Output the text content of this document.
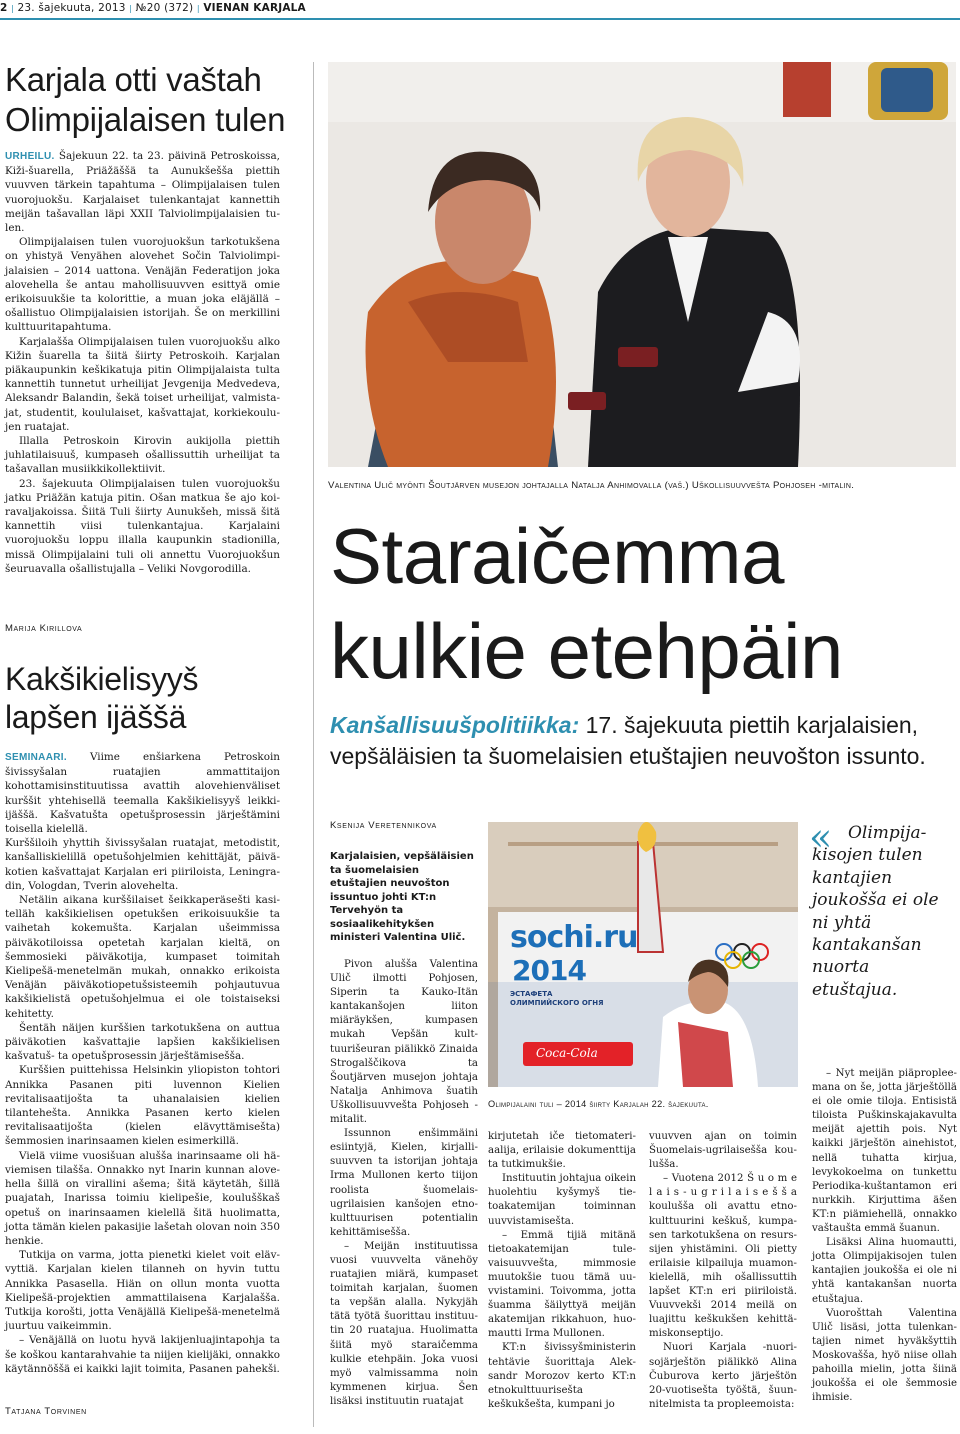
2 | 23. šajekuuta, 2013 | №20 (372) | VIENAN KARJALA
Karjala otti vaštah Olimpijalaisen tulen

URHEILU. Šajekuun 22. ta 23. päivinä Petroskoissa, Kiži-šuarella, Priäžäššä ta Aunukšešša piettih vuuvven tärkein tapahtuma – Olimpijalaisen tulen vuorojuokšu. Karjalaiset tulenkantajat kannettih meijän tašavallan läpi XXII Talviolimpijalaisien tulen.

Olimpijalaisen tulen vuorojuokšun tarkotukšena on yhistyä Venyähen alovehet Sočin Talviolimpijalaisien – 2014 uattona. Venäjän Federatijon joka alovehella še antau mahollisuuvven esittyä omie erikoisuukšie ta kolorittie, a muan joka eläjällä – ošallistuo Olimpijalaisien istorijah. Še on merkillini kulttuuritapahtuma.

Karjalašša Olimpijalaisen tulen vuorojuokšu alko Kižin šuarella ta šiitä šiirty Petroskoih. Karjalan piäkaupunkin keškikatuja pitin Olimpijalaista tulta kannettih tunnetut urheilijat Jevgenija Medvedeva, Aleksandr Balandin, šekä toiset urheilijat, valmistajat, studentit, koululaiset, kašvattajat, korkiekoulujen ruatajat.

Illalla Petroskoin Kirovin aukijolla piettih juhlatilaisuuš, kumpaseh ošallissuttih urheilijat ta tašavallan musiikkikollektiivit.

23. šajekuuta Olimpijalaisen tulen vuorojuokšu jatku Priäžän katuja pitin. Ošan matkua še ajo koiravaljakoissa. Šiitä Tuli šiirty Aunukšeh, missä šitä kannettih viisi tulenkantajua. Karjalaini vuorojuokšu loppu illalla kaupunkin stadionilla, missä Olimpijalaini tuli oli annettu Vuorojuokšun šeuruavalla ošallistujalla – Veliki Novgorodilla.

Marija Kirillova
Kakšikielisyyš lapšen ijäššä

SEMINAARI. Viime enšiarkena Petroskoin šivissyšalan ruatajien ammattitaijon kohottamisinstituutissa avattih alovehienväliset kurššit yhtehisellä teemalla Kakšikielisyyš leikki-ijäššä. Kašvatušta opetušprosessin järještämini toisella kielellä.

Kurššiloih yhyttih šivissyšalan ruatajat, metodistit, kanšalliskielillä opetušohjelmien kehittäjät, päiväkotien kašvattajat Karjalan eri piiriloistа, Leningradin, Vologdan, Tverin alovehelta.

Netälin aikana kurššilaiset šeikkaperäsešti kasitelläh kakšikielisen opetukšen erikoisuukšie ta vaihetah kokemušta. Karjalan ušeimmissa päiväkotiloissa opetetah karjalan kieltä, on šemmosieki päiväkotija, kumpaset toimitah Kielipešä-menetelmän mukah, onnakko erikoista Venäjän päiväkotiopetušsisteemih pohjautuvua kakšikielistä opetušohjelmua ei ole toistaiseksi kehitetty.

Šentäh näijen kurššien tarkotukšena on auttua päiväkotien kašvattajie lapšien kakšikielisen kašvatuš- ta opetušprosessin järještämisešša.

Kurššien puittehissa Helsinkin yliopiston tohtori Annikka Pasanen piti luvennon Kielien revitalisaatijošta ta uhanalaisien kielien tilantehešta. Annikka Pasanen kerto kielen revitalisaatijošta (kielen elävyttämisešta) šemmosien inarinsaamen kielen esimerkillä.

Vielä viime vuosišuan alušša inarinsaame oli häviemisen tilašša. Onnakko nyt Inarin kunnan alovehella šillä on virallini ašema; šitä käytetäh, šillä puajatah, Inarissa toimiu kielipešie, koulušškaš opetuš on inarinsaamen kielellä šitä huolimatta, jotta tämän kielen pakasijie lašetah olovan noin 350 henkie.

Tutkija on varma, jotta pienetki kielet voit elävvyttiä. Karjalan kielen tilanneh on hyvin tuttu Annikka Pasasella. Hiän on ollun monta vuotta Kielipešä-projektien ammattilaisena Karjalašša. Tutkija korošti, jotta Venäjällä Kielipešä-menetelmä juurtuu vaikeimmin.

– Venäjällä on luotu hyvä lakijenluajintapohja ta še koškou kantarahvahie ta niijen kielijäki, onnakko käytännöššä ei kaikki lajit toimita, Pasanen pahekši.

Tatjana Torvinen
Valentina Ulič myönti Šoutjärven musejon johtajalla Natalja Anhimovalla (vaš.) Uškollisuuvvešta Pohjoseh -mitalin.
Staraičemma
kulkie etehpäin
Kanšallisuušpolitiikka: 17. šajekuuta piettih karjalaisien, vepšäläisien ta šuomelaisien etuštajien neuvošton issunto.
Ksenija Veretennikova
Karjalaisien, vepšäläisien ta šuomelaisien etuštajien neuvošton issuntuo johti KT:n Tervehyön ta sosiaalikehitykšen ministeri Valentina Ulič.

Pivon alušša Valentina Ulič ilmotti Pohjosen, Siperin ta Kauko-Itän kantakanšojen liiton miäräykšen, kumpasen mukah Vepšän kulttuurišeuran piälikkö Zinaida Strogalščikova ta Šoutjärven musejon johtaja Natalja Anhimova šuatih Uškollisuuvvešta Pohjoseh -mitalit.

Issunnon enšimmäini esiintyjä, Kielen, kirjallisuuvven ta istorijan johtaja Irma Mullonen kerto tiijon roolista šuomelais-ugrilaisien kanšojen etnokulttuurisen potentialin kehittämisešša.

– Meijän instituutissa vuosi vuuvvelta vänehöy ruatajien miärä, kumpaset toimitah karjalan, šuomen ta vepšän alalla. Nykyjäh tätä työtä šuorittau instituutin 20 ruatajua. Huolimatta šiitä myö staraičemma kulkie etehpäin. Joka vuosi myö valmissamma noin kymmenen kirjua. Šen lisäksi instituutin ruatajat

sochi.ru
2014
ЭСТАФЕТА ОЛИМПИЙСКОГО ОГНЯ
Coca-Cola
Olimpijalaini tuli – 2014 šiirty Karjalah 22. šajekuuta.
« Olimpijakisojen tulen kantajien joukošša ei ole ni yhtä kantakanšan nuorta etuštajua.

kirjutetah iče tietomateriaalija, erilaisie dokumenttija ta tutkimukšie.

Instituutin johtajua oikein huolehtiu kyšymyš tietoakatemijan toiminnan uuvvistamisešta.

– Emmä tijiä mitänä tietoakatemijan tulevaisuuvvešta, mimmosie muutokšie tuou tämä uuvvistamini. Toivomma, jotta šuamma šäilyttyä meijän akatemijan rikkahuon, huomautti Irma Mullonen.

KT:n šivissyšministerin tehtävie šuorittaja Aleksandr Morozov kerto KT:n etnokulttuurisešta keškukšešta, kumpani jo

vuuvven ajan on toimin Šuomelais-ugrilaisešša koulušša.

– Vuotena 2012 Š u o m e l a i s - u g r i l a i s e š š a koulušša oli avattu etnokulttuurini keškuš, kumpasen tarkotukšena on resurssijen yhistämini. Oli pietty erilaisie kilpailuja muamonkielellä, mih ošallissuttih lapšet KT:n eri piiriloistä. Vuuvvekši 2014 meilä on luajittu keškukšen kehittämiskonseptijo.

Nuori Karjala -nuorisojärještön piälikkö Alina Čuburova kerto järještön 20-vuotisešta työštä, šuunnitelmista ta propleemoista:

– Nyt meijän piäpropleemana on še, jotta järještöllä ei ole omie tiloja. Entisistä tiloista Puškinskajakavulta meijät ajettih pois. Nyt kaikki järještön ainehistot, nellä tuhatta kirjua, levykokoelma on tunkettu Periodika-kuštantamon eri nurkkih. Kirjuttima äšen KT:n piämiehellä, onnakko vaštaušta emmä šuanun.

Lisäksi Alina huomautti, jotta Olimpijakisojen tulen kantajien joukošša ei ole ni yhtä kantakanšan nuorta etuštajua.

Vuorošttah Valentina Ulič lisäsi, jotta tulenkantajien nimet hyväkšyttih Moskovašša, hyö niise ollah pahoilla mielin, jotta šiinä joukošša ei ole šemmosie ihmisie.
